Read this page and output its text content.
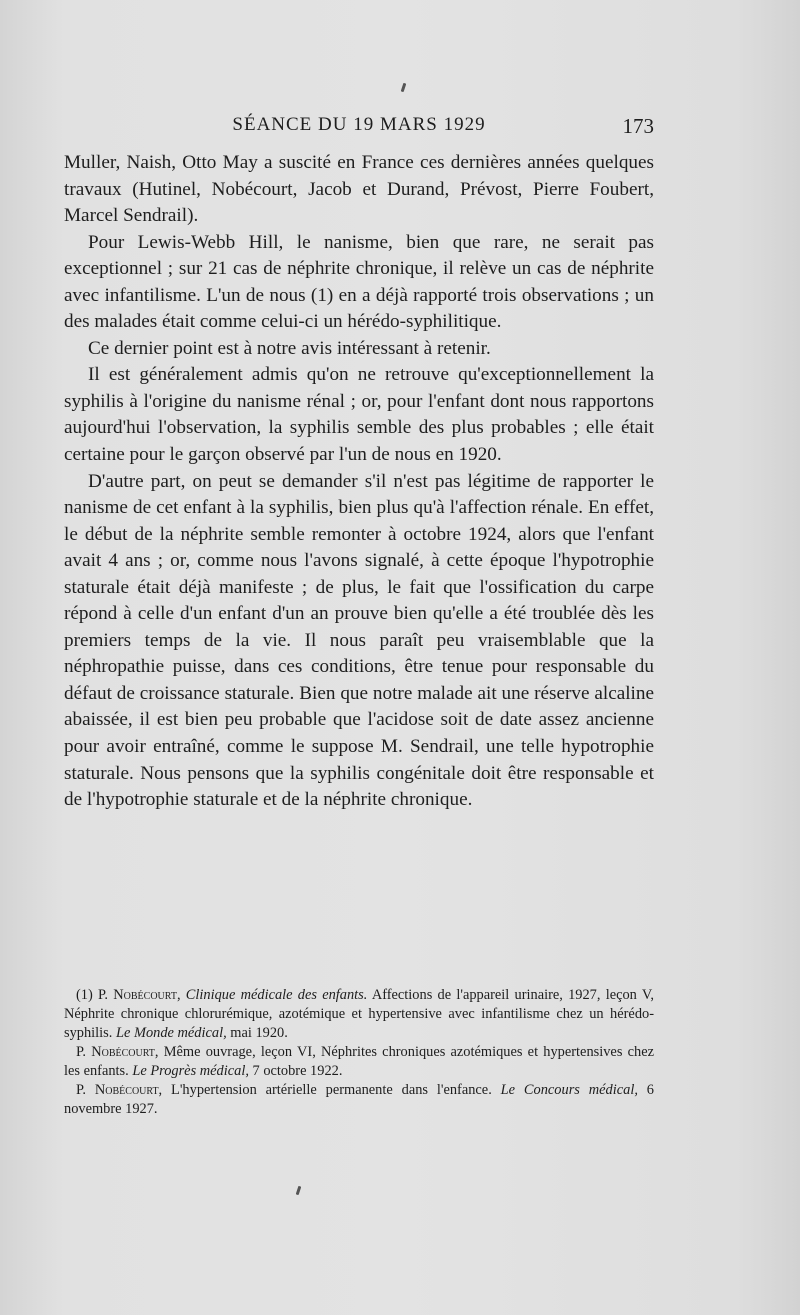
SÉANCE DU 19 MARS 1929	173

Muller, Naish, Otto May a suscité en France ces dernières années quelques travaux (Hutinel, Nobécourt, Jacob et Durand, Prévost, Pierre Foubert, Marcel Sendrail).

Pour Lewis-Webb Hill, le nanisme, bien que rare, ne serait pas exceptionnel ; sur 21 cas de néphrite chronique, il relève un cas de néphrite avec infantilisme. L'un de nous (1) en a déjà rapporté trois observations ; un des malades était comme celui-ci un hérédo-syphilitique.

Ce dernier point est à notre avis intéressant à retenir.

Il est généralement admis qu'on ne retrouve qu'exceptionnellement la syphilis à l'origine du nanisme rénal ; or, pour l'enfant dont nous rapportons aujourd'hui l'observation, la syphilis semble des plus probables ; elle était certaine pour le garçon observé par l'un de nous en 1920.

D'autre part, on peut se demander s'il n'est pas légitime de rapporter le nanisme de cet enfant à la syphilis, bien plus qu'à l'affection rénale. En effet, le début de la néphrite semble remonter à octobre 1924, alors que l'enfant avait 4 ans ; or, comme nous l'avons signalé, à cette époque l'hypotrophie staturale était déjà manifeste ; de plus, le fait que l'ossification du carpe répond à celle d'un enfant d'un an prouve bien qu'elle a été troublée dès les premiers temps de la vie. Il nous paraît peu vraisemblable que la néphropathie puisse, dans ces conditions, être tenue pour responsable du défaut de croissance staturale. Bien que notre malade ait une réserve alcaline abaissée, il est bien peu probable que l'acidose soit de date assez ancienne pour avoir entraîné, comme le suppose M. Sendrail, une telle hypotrophie staturale. Nous pensons que la syphilis congénitale doit être responsable et de l'hypotrophie staturale et de la néphrite chronique.

(1) P. Nobécourt, Clinique médicale des enfants. Affections de l'appareil urinaire, 1927, leçon V, Néphrite chronique chlorurémique, azotémique et hypertensive avec infantilisme chez un hérédo-syphilis. Le Monde médical, mai 1920.

P. Nobécourt, Même ouvrage, leçon VI, Néphrites chroniques azotémiques et hypertensives chez les enfants. Le Progrès médical, 7 octobre 1922.

P. Nobécourt, L'hypertension artérielle permanente dans l'enfance. Le Concours médical, 6 novembre 1927.
